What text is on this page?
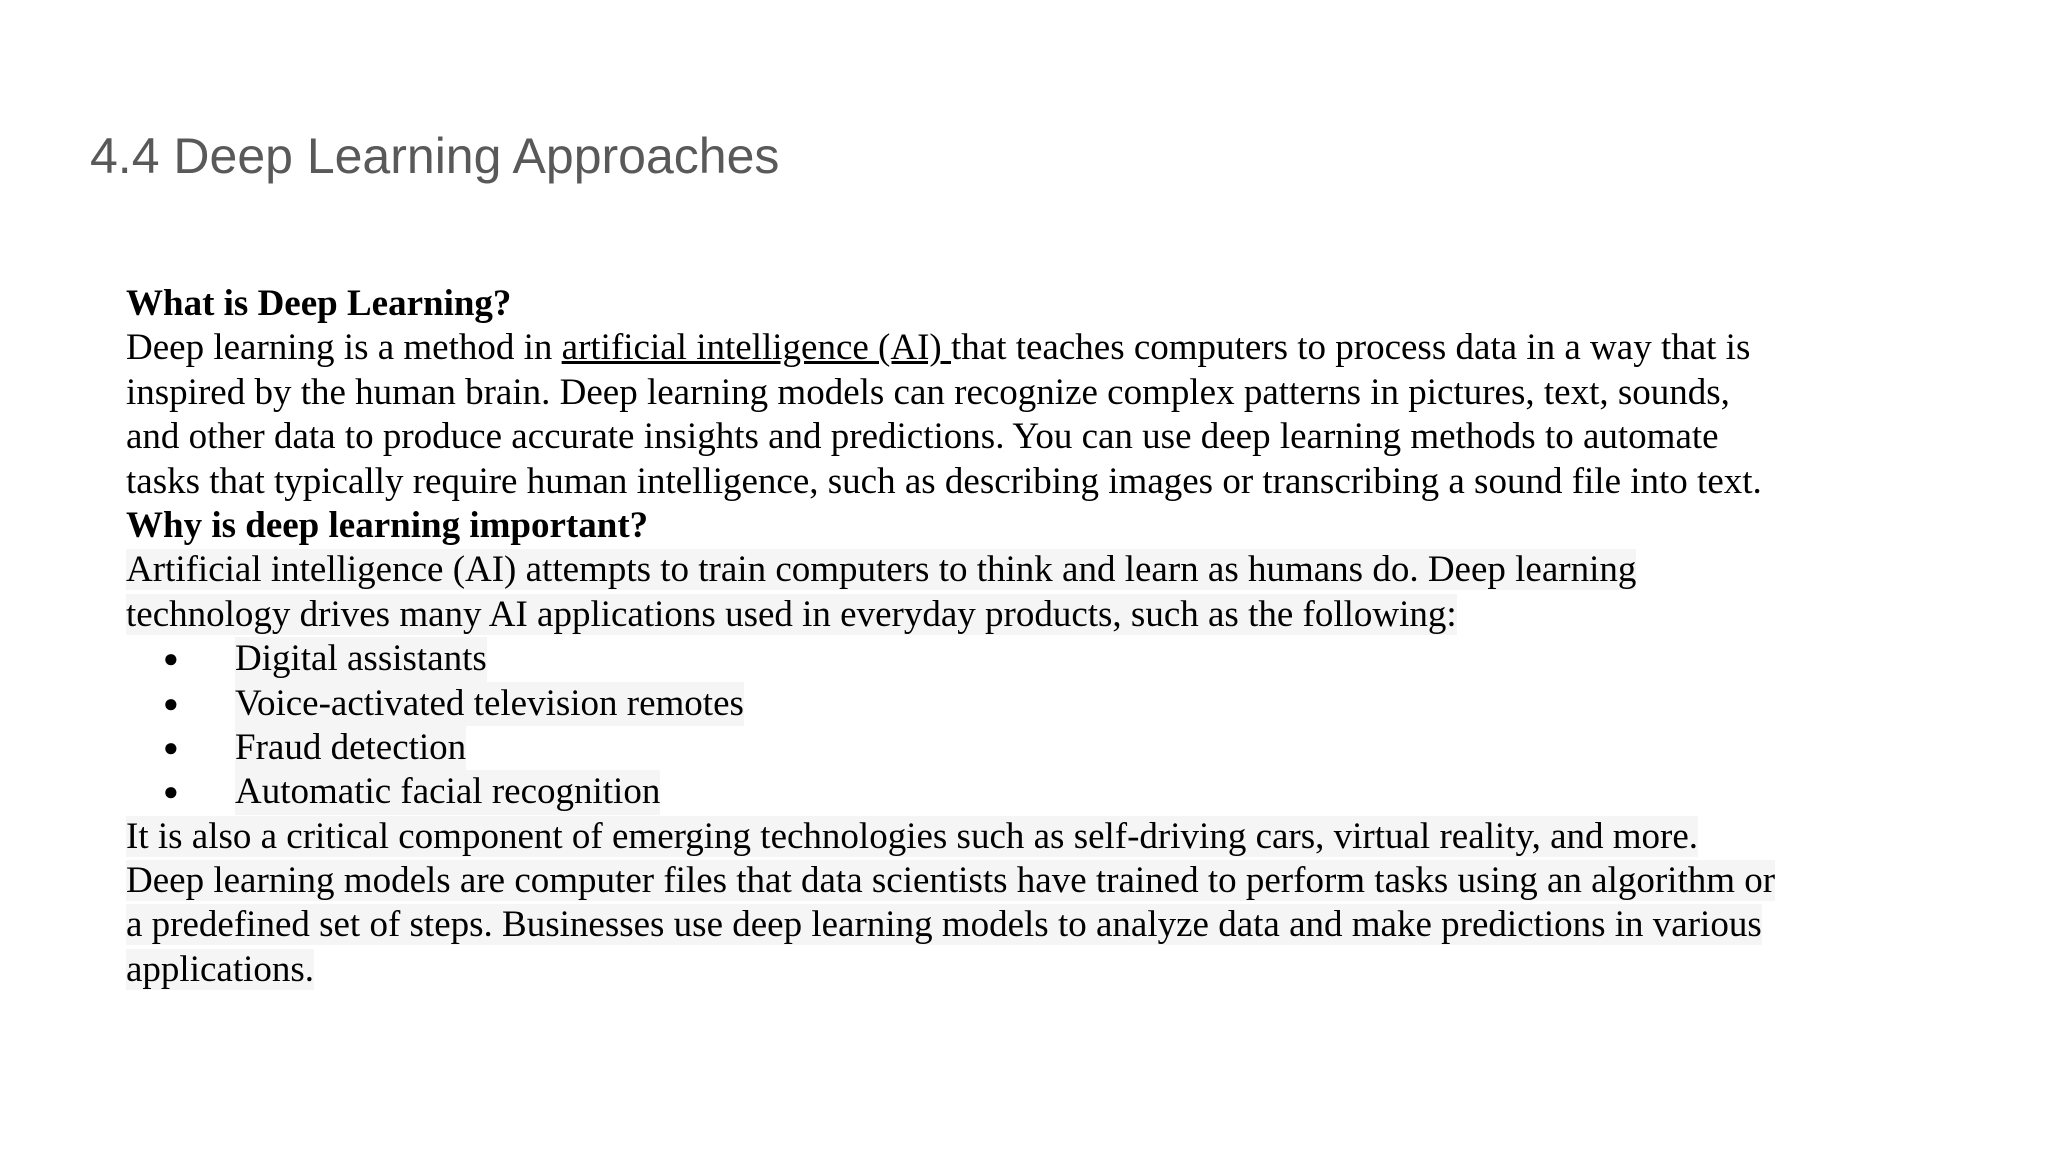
4.4 Deep Learning Approaches
What is Deep Learning?
Deep learning is a method in artificial intelligence (AI) that teaches computers to process data in a way that is
inspired by the human brain. Deep learning models can recognize complex patterns in pictures, text, sounds,
and other data to produce accurate insights and predictions. You can use deep learning methods to automate
tasks that typically require human intelligence, such as describing images or transcribing a sound file into text.
Why is deep learning important?
Artificial intelligence (AI) attempts to train computers to think and learn as humans do. Deep learning
technology drives many AI applications used in everyday products, such as the following:
● Digital assistants
● Voice-activated television remotes
● Fraud detection
● Automatic facial recognition
It is also a critical component of emerging technologies such as self-driving cars, virtual reality, and more.
Deep learning models are computer files that data scientists have trained to perform tasks using an algorithm or
a predefined set of steps. Businesses use deep learning models to analyze data and make predictions in various
applications.
